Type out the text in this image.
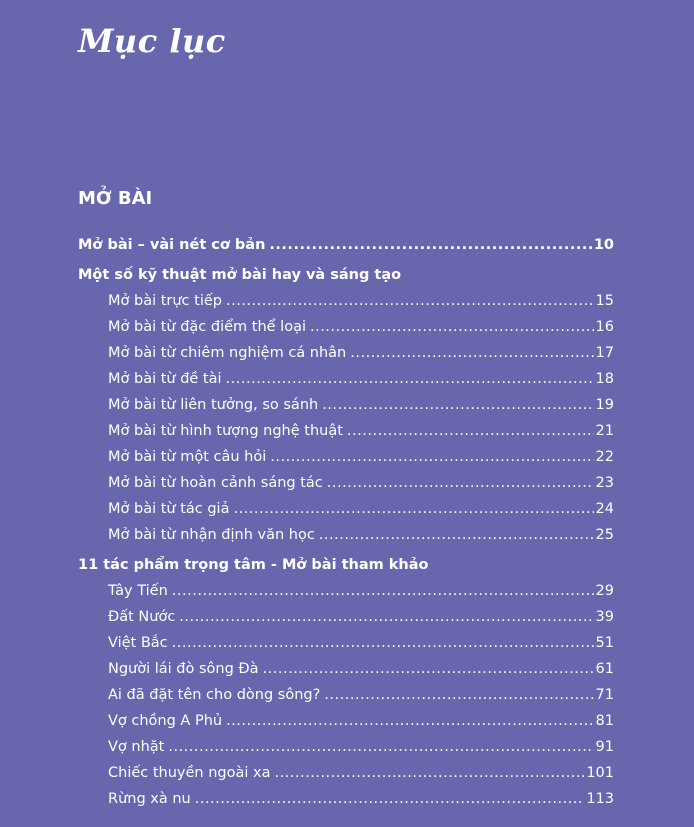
Mục lục
MỞ BÀI
Mở bài – vài nét cơ bản .....	10
Một số kỹ thuật mở bài hay và sáng tạo
Mở bài trực tiếp .....	15
Mở bài từ đặc điểm thể loại .....	16
Mở bài từ chiêm nghiệm cá nhân .....	17
Mở bài từ đề tài .....	18
Mở bài từ liên tưởng, so sánh .....	19
Mở bài từ hình tượng nghệ thuật .....	21
Mở bài từ một câu hỏi .....	22
Mở bài từ hoàn cảnh sáng tác .....	23
Mở bài từ tác giả .....	24
Mở bài từ nhận định văn học .....	25
11 tác phẩm trọng tâm - Mở bài tham khảo
Tây Tiến .....	29
Đất Nước .....	39
Việt Bắc .....	51
Người lái đò sông Đà .....	61
Ai đã đặt tên cho dòng sông? .....	71
Vợ chồng A Phủ .....	81
Vợ nhặt .....	91
Chiếc thuyền ngoài xa .....	101
Rừng xà nu .....	113
